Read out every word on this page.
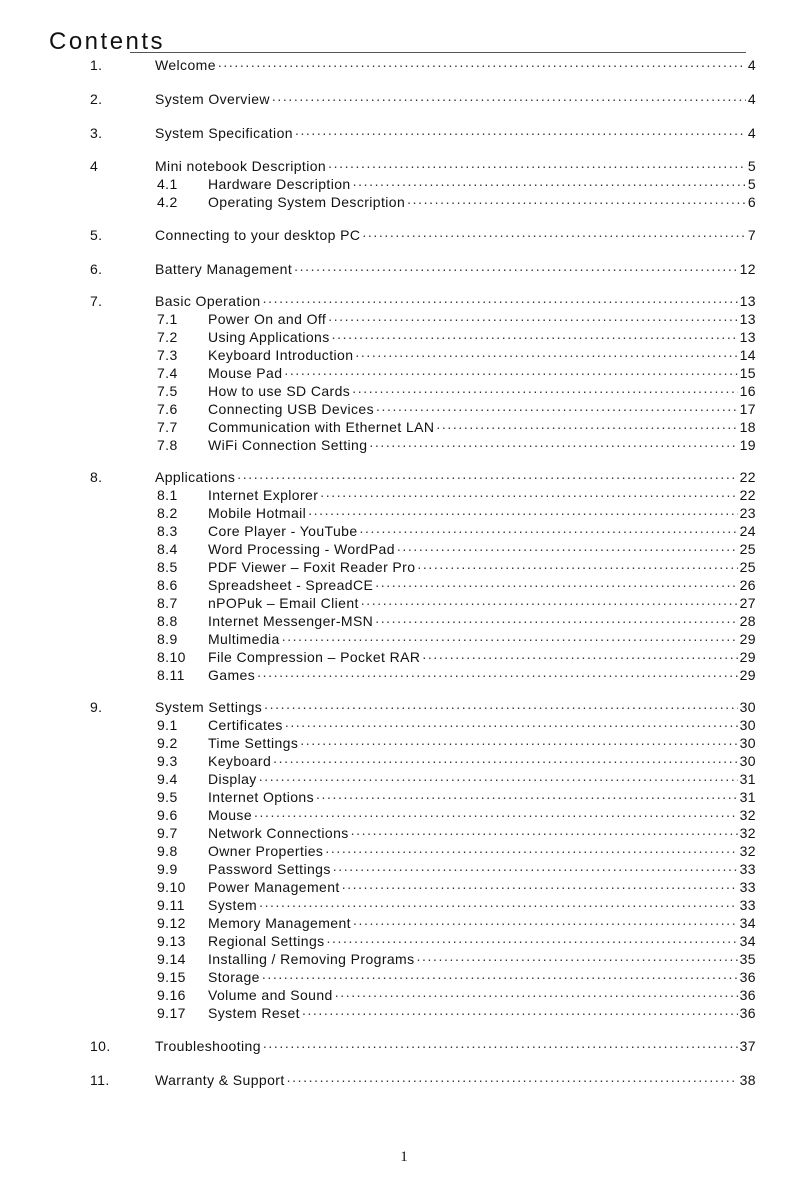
Contents
1.	Welcome .....	4
2.	System Overview .....	4
3.	System Specification .....	4
4	Mini notebook Description .....	5
4.1 Hardware Description .....	5
4.2 Operating System Description .....	6
5.	Connecting to your desktop PC .....	7
6.	Battery Management .....	12
7.	Basic Operation .....	13
7.1 Power On and Off .....	13
7.2 Using Applications .....	13
7.3 Keyboard Introduction .....	14
7.4 Mouse Pad .....	15
7.5 How to use SD Cards .....	16
7.6 Connecting USB Devices .....	17
7.7 Communication with Ethernet LAN .....	18
7.8 WiFi Connection Setting .....	19
8.	Applications .....	22
8.1 Internet Explorer .....	22
8.2 Mobile Hotmail .....	23
8.3 Core Player - YouTube .....	24
8.4 Word Processing - WordPad .....	25
8.5 PDF Viewer – Foxit Reader Pro .....	25
8.6 Spreadsheet - SpreadCE .....	26
8.7 nPOPuk – Email Client .....	27
8.8 Internet Messenger-MSN .....	28
8.9 Multimedia .....	29
8.10 File Compression – Pocket RAR .....	29
8.11 Games .....	29
9.	System Settings .....	30
9.1 Certificates .....	30
9.2 Time Settings .....	30
9.3 Keyboard .....	30
9.4 Display .....	31
9.5 Internet Options .....	31
9.6 Mouse .....	32
9.7 Network Connections .....	32
9.8 Owner Properties .....	32
9.9 Password Settings .....	33
9.10 Power Management .....	33
9.11 System .....	33
9.12 Memory Management .....	34
9.13 Regional Settings .....	34
9.14 Installing / Removing Programs .....	35
9.15 Storage .....	36
9.16 Volume and Sound .....	36
9.17 System Reset .....	36
10.	Troubleshooting .....	37
11.	Warranty & Support .....	38
1
